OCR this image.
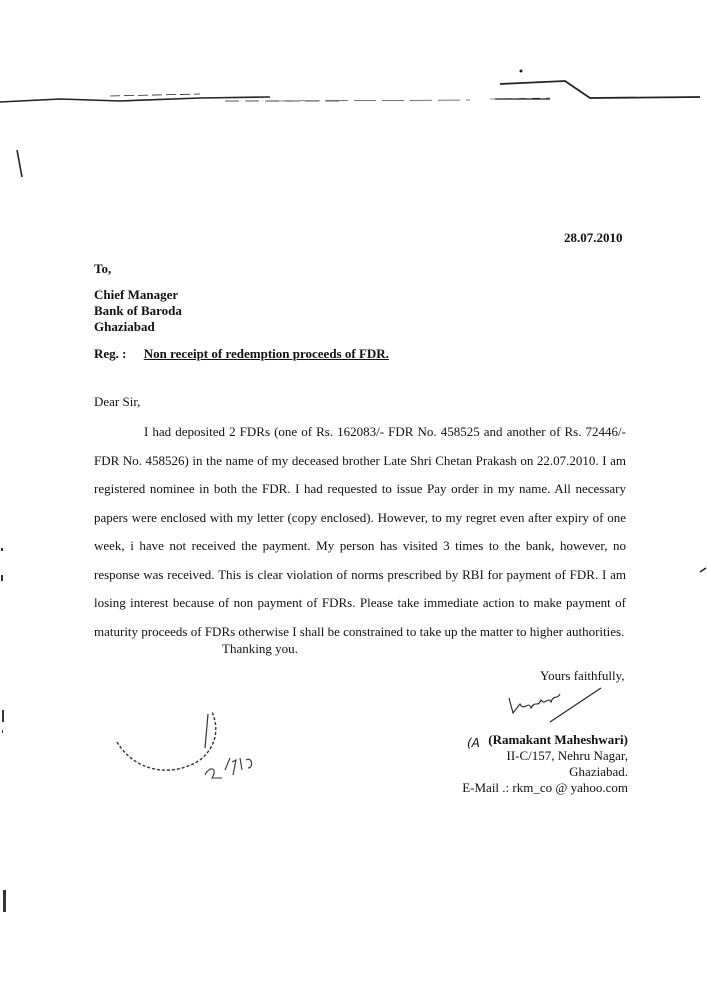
28.07.2010
To,
Chief Manager
Bank of Baroda
Ghaziabad
Reg. : Non receipt of redemption proceeds of FDR.
Dear Sir,
I had deposited 2 FDRs (one of Rs. 162083/- FDR No. 458525 and another of Rs. 72446/- FDR No. 458526) in the name of my deceased brother Late Shri Chetan Prakash on 22.07.2010. I am registered nominee in both the FDR. I had requested to issue Pay order in my name. All necessary papers were enclosed with my letter (copy enclosed). However, to my regret even after expiry of one week, i have not received the payment. My person has visited 3 times to the bank, however, no response was received. This is clear violation of norms prescribed by RBI for payment of FDR. I am losing interest because of non payment of FDRs. Please take immediate action to make payment of maturity proceeds of FDRs otherwise I shall be constrained to take up the matter to higher authorities.
Thanking you.
Yours faithfully,
(A (Ramakant Maheshwari)
II-C/157, Nehru Nagar,
Ghaziabad.
E-Mail .: rkm_co @ yahoo.com
